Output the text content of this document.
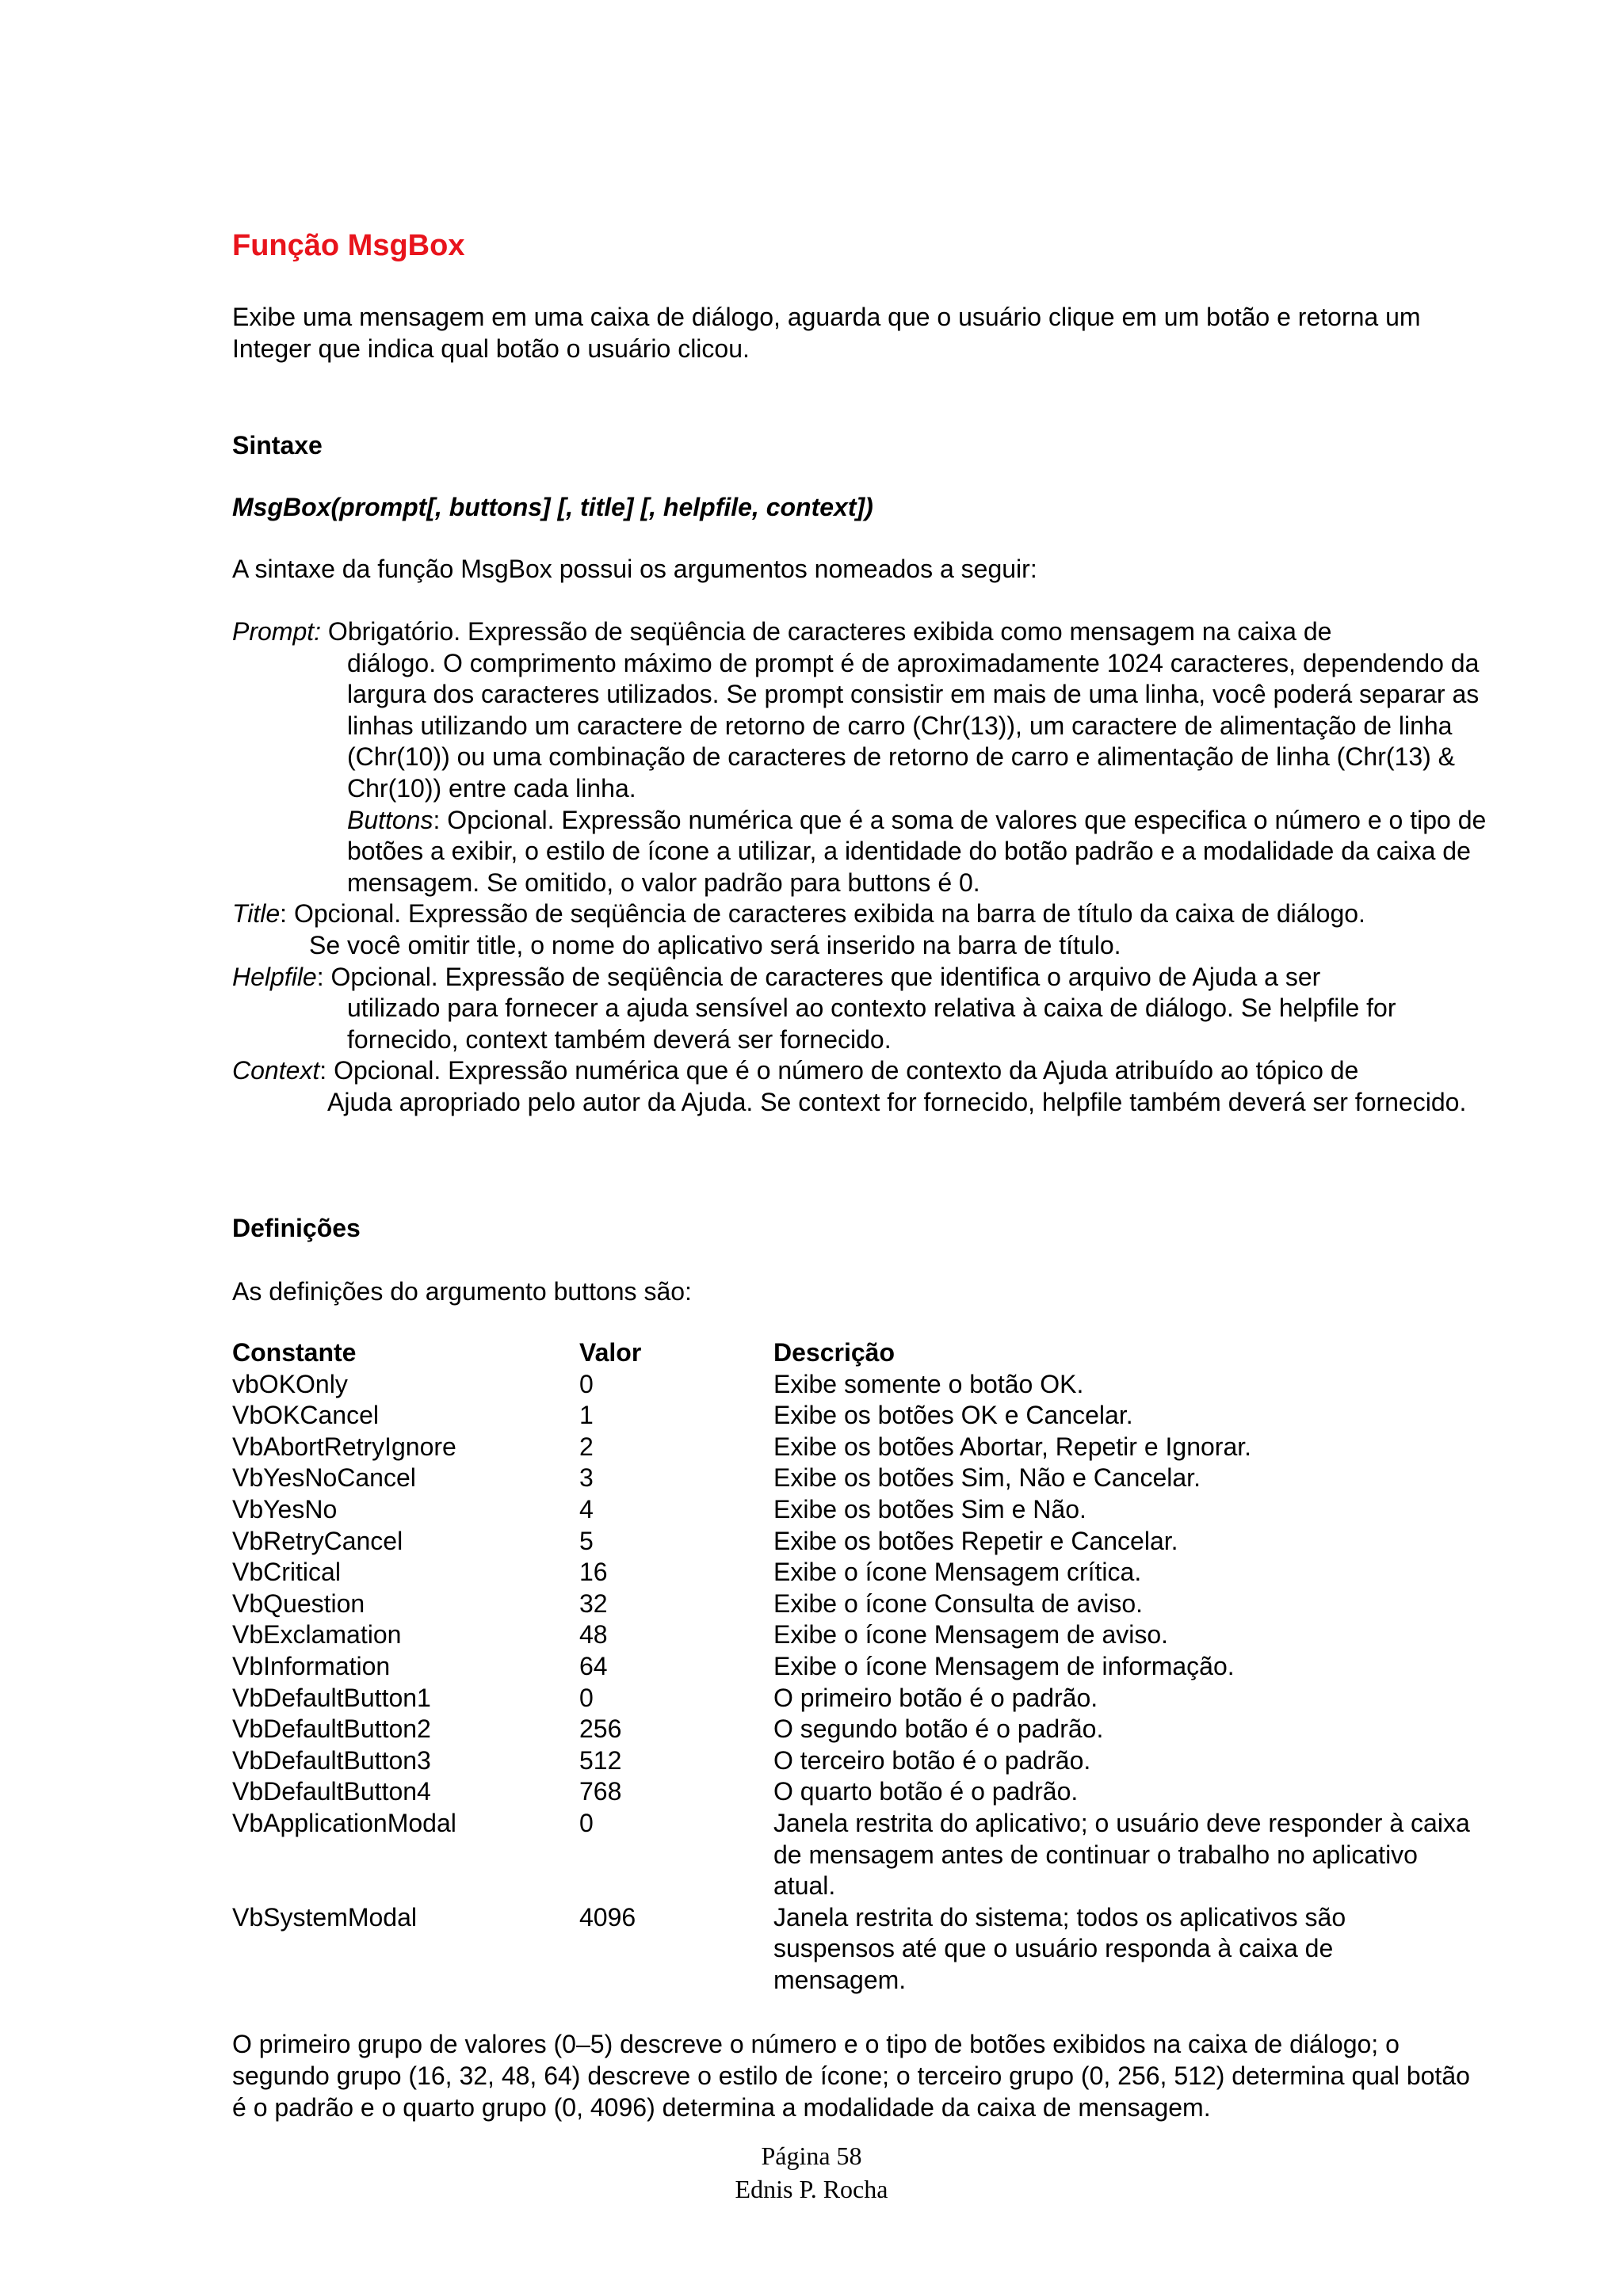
Função MsgBox

Exibe uma mensagem em uma caixa de diálogo, aguarda que o usuário clique em um botão e retorna um Integer que indica qual botão o usuário clicou.

Sintaxe

MsgBox(prompt[, buttons] [, title] [, helpfile, context])

A sintaxe da função MsgBox possui os argumentos nomeados a seguir:

Prompt: Obrigatório. Expressão de seqüência de caracteres exibida como mensagem na caixa de

diálogo. O comprimento máximo de prompt é de aproximadamente 1024 caracteres, dependendo da largura dos caracteres utilizados. Se prompt consistir em mais de uma linha, você poderá separar as linhas utilizando um caractere de retorno de carro (Chr(13)), um caractere de alimentação de linha (Chr(10)) ou uma combinação de caracteres de retorno de carro e alimentação de linha (Chr(13) & Chr(10)) entre cada linha.

Buttons: Opcional. Expressão numérica que é a soma de valores que especifica o número e o tipo de botões a exibir, o estilo de ícone a utilizar, a identidade do botão padrão e a modalidade da caixa de mensagem. Se omitido, o valor padrão para buttons é 0.

Title: Opcional. Expressão de seqüência de caracteres exibida na barra de título da caixa de diálogo.

Se você omitir title, o nome do aplicativo será inserido na barra de título.

Helpfile: Opcional. Expressão de seqüência de caracteres que identifica o arquivo de Ajuda a ser

utilizado para fornecer a ajuda sensível ao contexto relativa à caixa de diálogo. Se helpfile for fornecido, context também deverá ser fornecido.

Context: Opcional. Expressão numérica que é o número de contexto da Ajuda atribuído ao tópico de

Ajuda apropriado pelo autor da Ajuda. Se context for fornecido, helpfile também deverá ser fornecido.

Definições

As definições do argumento buttons são:

Constante	Valor	Descrição
vbOKOnly	0	Exibe somente o botão OK.
VbOKCancel	1	Exibe os botões OK e Cancelar.
VbAbortRetryIgnore	2	Exibe os botões Abortar, Repetir e Ignorar.
VbYesNoCancel	3	Exibe os botões Sim, Não e Cancelar.
VbYesNo	4	Exibe os botões Sim e Não.
VbRetryCancel	5	Exibe os botões Repetir e Cancelar.
VbCritical	16	Exibe o ícone Mensagem crítica.
VbQuestion	32	Exibe o ícone Consulta de aviso.
VbExclamation	48	Exibe o ícone Mensagem de aviso.
VbInformation	64	Exibe o ícone Mensagem de informação.
VbDefaultButton1	0	O primeiro botão é o padrão.
VbDefaultButton2	256	O segundo botão é o padrão.
VbDefaultButton3	512	O terceiro botão é o padrão.
VbDefaultButton4	768	O quarto botão é o padrão.
VbApplicationModal	0	Janela restrita do aplicativo; o usuário deve responder à caixa de mensagem antes de continuar o trabalho no aplicativo atual.
VbSystemModal	4096	Janela restrita do sistema; todos os aplicativos são suspensos até que o usuário responda à caixa de mensagem.

O primeiro grupo de valores (0–5) descreve o número e o tipo de botões exibidos na caixa de diálogo; o segundo grupo (16, 32, 48, 64) descreve o estilo de ícone; o terceiro grupo (0, 256, 512) determina qual botão é o padrão e o quarto grupo (0, 4096) determina a modalidade da caixa de mensagem.

Página 58
Ednis P. Rocha
